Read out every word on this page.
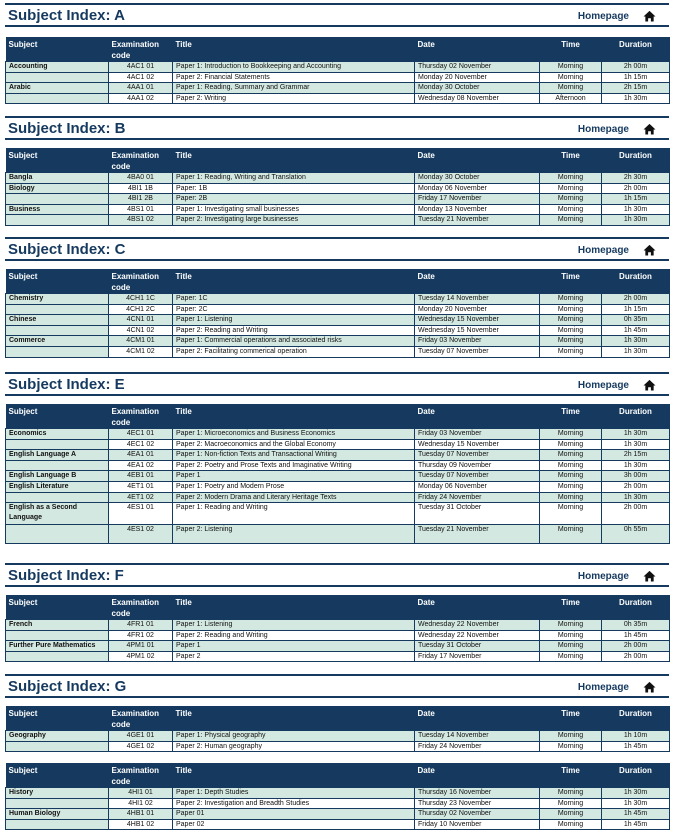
Subject Index: A	Homepage
Subject	Examination code	Title	Date	Time	Duration
Accounting	4AC1 01	Paper 1: Introduction to Bookkeeping and Accounting	Thursday 02 November	Morning	2h 00m
	4AC1 02	Paper 2: Financial Statements	Monday 20 November	Morning	1h 15m
Arabic	4AA1 01	Paper 1: Reading, Summary and Grammar	Monday 30 October	Morning	2h 15m
	4AA1 02	Paper 2: Writing	Wednesday 08 November	Afternoon	1h 30m
Subject Index: B	Homepage
Subject	Examination code	Title	Date	Time	Duration
Bangla	4BA0 01	Paper 1: Reading, Writing and Translation	Monday 30 October	Morning	2h 30m
Biology	4BI1 1B	Paper: 1B	Monday 06 November	Morning	2h 00m
	4BI1 2B	Paper: 2B	Friday 17 November	Morning	1h 15m
Business	4BS1 01	Paper 1: Investigating small businesses	Monday 13 November	Morning	1h 30m
	4BS1 02	Paper 2: Investigating large businesses	Tuesday 21 November	Morning	1h 30m
Subject Index: C	Homepage
Subject	Examination code	Title	Date	Time	Duration
Chemistry	4CH1 1C	Paper: 1C	Tuesday 14 November	Morning	2h 00m
	4CH1 2C	Paper: 2C	Monday 20 November	Morning	1h 15m
Chinese	4CN1 01	Paper 1: Listening	Wednesday 15 November	Morning	0h 35m
	4CN1 02	Paper 2: Reading and Writing	Wednesday 15 November	Morning	1h 45m
Commerce	4CM1 01	Paper 1: Commercial operations and associated risks	Friday 03 November	Morning	1h 30m
	4CM1 02	Paper 2: Facilitating commerical operation	Tuesday 07 November	Morning	1h 30m
Subject Index: E	Homepage
Subject	Examination code	Title	Date	Time	Duration
Economics	4EC1 01	Paper 1: Microeconomics and Business Economics	Friday 03 November	Morning	1h 30m
	4EC1 02	Paper 2: Macroeconomics and the Global Economy	Wednesday 15 November	Morning	1h 30m
English Language A	4EA1 01	Paper 1: Non-fiction Texts and Transactional Writing	Tuesday 07 November	Morning	2h 15m
	4EA1 02	Paper 2: Poetry and Prose Texts and Imaginative Writing	Thursday 09 November	Morning	1h 30m
English Language B	4EB1 01	Paper 1	Tuesday 07 November	Morning	3h 00m
English Literature	4ET1 01	Paper 1: Poetry and Modern Prose	Monday 06 November	Morning	2h 00m
	4ET1 02	Paper 2: Modern Drama and Literary Heritage Texts	Friday 24 November	Morning	1h 30m
English as a Second Language	4ES1 01	Paper 1: Reading and Writing	Tuesday 31 October	Morning	2h 00m
	4ES1 02	Paper 2: Listening	Tuesday 21 November	Morning	0h 55m
Subject Index: F	Homepage
Subject	Examination code	Title	Date	Time	Duration
French	4FR1 01	Paper 1: Listening	Wednesday 22 November	Morning	0h 35m
	4FR1 02	Paper 2: Reading and Writing	Wednesday 22 November	Morning	1h 45m
Further Pure Mathematics	4PM1 01	Paper 1	Tuesday 31 October	Morning	2h 00m
	4PM1 02	Paper 2	Friday 17 November	Morning	2h 00m
Subject Index: G	Homepage
Subject	Examination code	Title	Date	Time	Duration
Geography	4GE1 01	Paper 1: Physical geography	Tuesday 14 November	Morning	1h 10m
	4GE1 02	Paper 2: Human geography	Friday 24 November	Morning	1h 45m
Subject	Examination code	Title	Date	Time	Duration
History	4HI1 01	Paper 1: Depth Studies	Thursday 16 November	Morning	1h 30m
	4HI1 02	Paper 2: Investigation and Breadth Studies	Thursday 23 November	Morning	1h 30m
Human Biology	4HB1 01	Paper 01	Thursday 02 November	Morning	1h 45m
	4HB1 02	Paper 02	Friday 10 November	Morning	1h 45m
